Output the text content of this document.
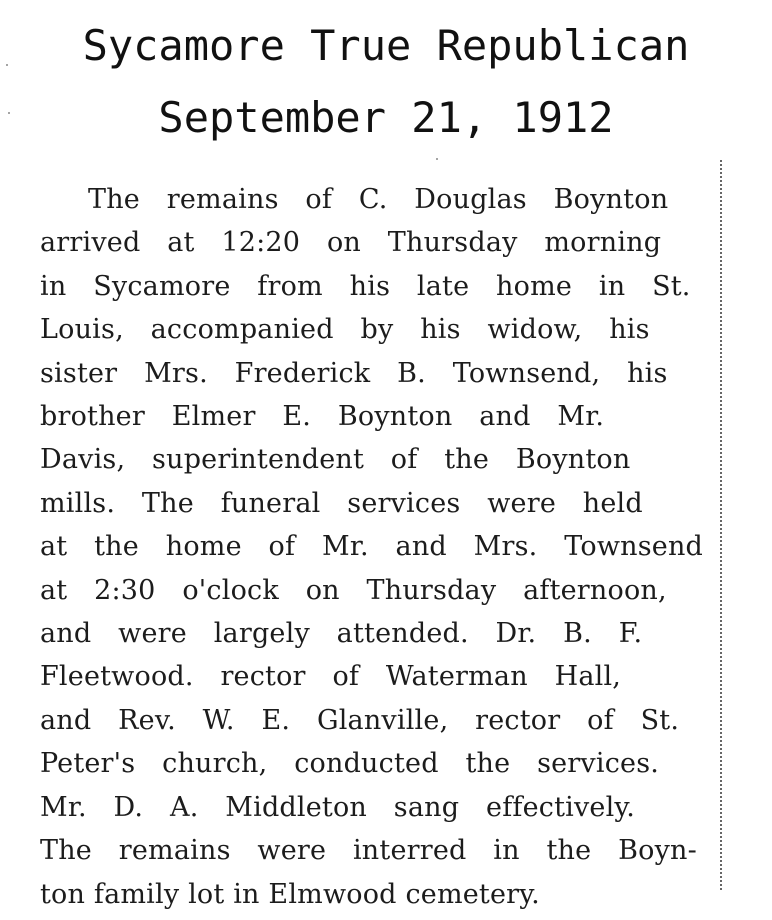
Sycamore True Republican
September 21, 1912
The remains of C. Douglas Boynton
arrived at 12:20 on Thursday morning
in Sycamore from his late home in St.
Louis, accompanied by his widow, his
sister Mrs. Frederick B. Townsend, his
brother Elmer E. Boynton and Mr.
Davis, superintendent of the Boynton
mills. The funeral services were held
at the home of Mr. and Mrs. Townsend
at 2:30 o'clock on Thursday afternoon,
and were largely attended. Dr. B. F.
Fleetwood. rector of Waterman Hall,
and Rev. W. E. Glanville, rector of St.
Peter's church, conducted the services.
Mr. D. A. Middleton sang effectively.
The remains were interred in the Boyn-
ton family lot in Elmwood cemetery.
